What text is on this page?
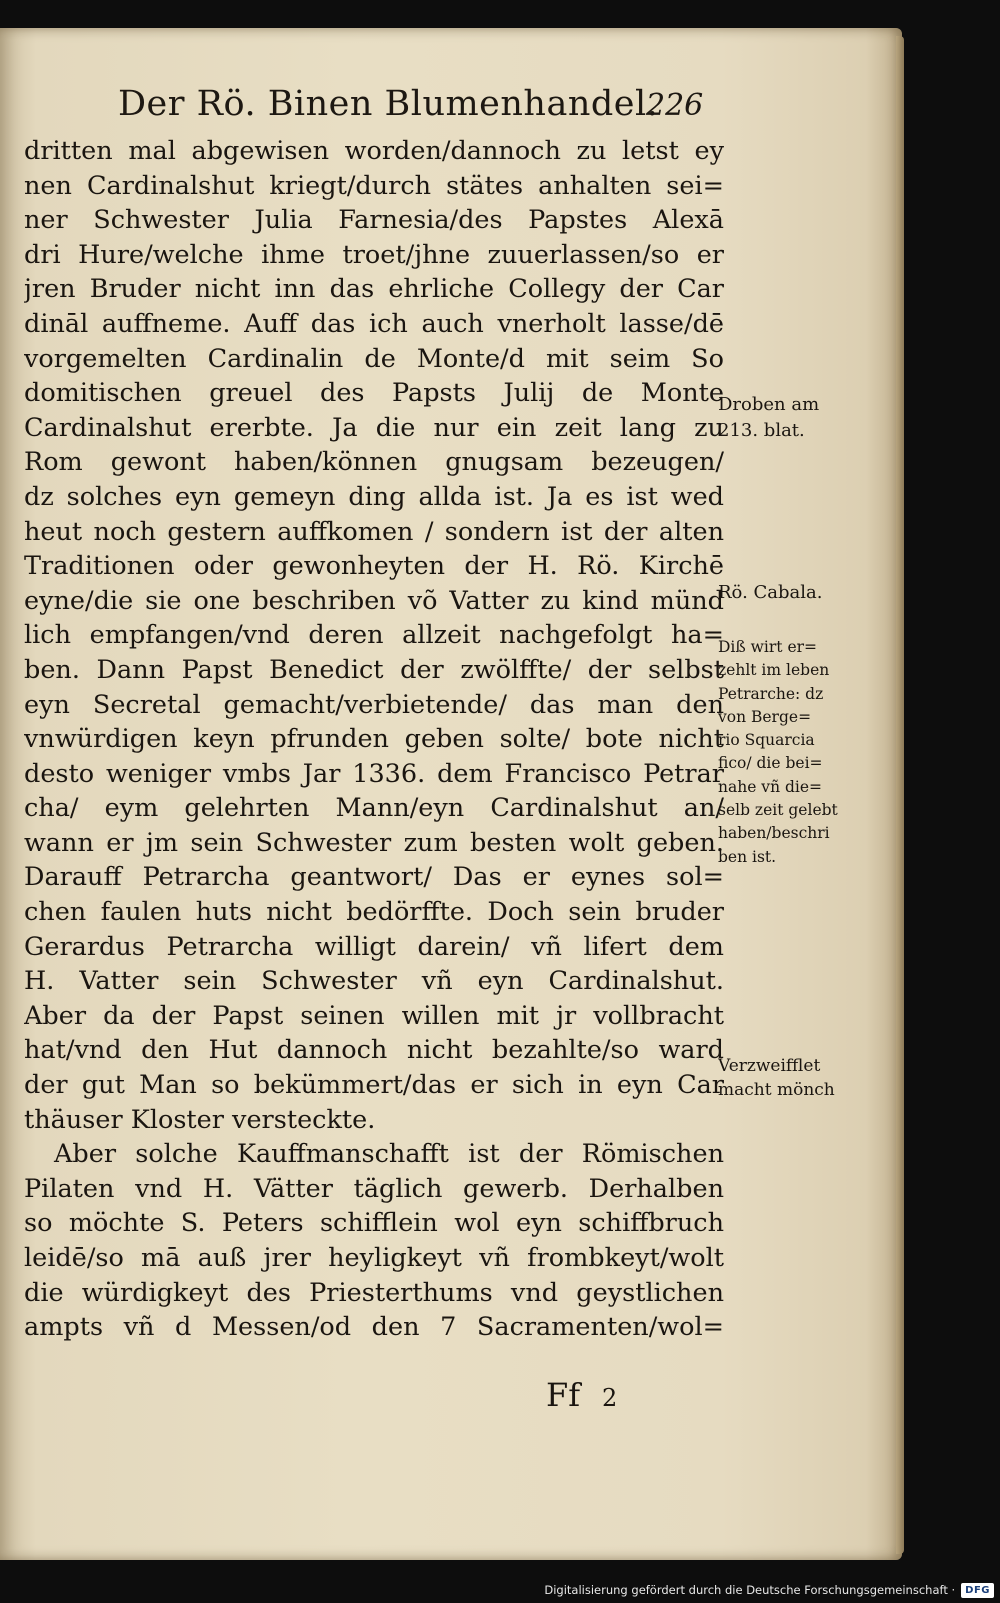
Der Rö. Binen Blumenhandel.
226
dritten mal abgewisen worden/dannoch zu letst ey
nen Cardinalshut kriegt/durch stätes anhalten sei=
ner Schwester Julia Farnesia/des Papstes Alexā
dri Hure/welche ihme troet/jhne zuuerlassen/so er
jren Bruder nicht inn das ehrliche Collegy der Car
dināl auffneme. Auff das ich auch vnerholt lasse/dē
vorgemelten Cardinalin de Monte/d mit seim So
domitischen greuel des Papsts Julij de Monte
Cardinalshut ererbte. Ja die nur ein zeit lang zu
Rom gewont haben/können gnugsam bezeugen/
dz solches eyn gemeyn ding allda ist. Ja es ist wed
heut noch gestern auffkomen / sondern ist der alten
Traditionen oder gewonheyten der H. Rö. Kirchē
eyne/die sie one beschriben võ Vatter zu kind münd
lich empfangen/vnd deren allzeit nachgefolgt ha=
ben. Dann Papst Benedict der zwölffte/ der selbst
eyn Secretal gemacht/verbietende/ das man den
vnwürdigen keyn pfrunden geben solte/ bote nicht
desto weniger vmbs Jar 1336. dem Francisco Petrar
cha/ eym gelehrten Mann/eyn Cardinalshut an/
wann er jm sein Schwester zum besten wolt geben.
Darauff Petrarcha geantwort/ Das er eynes sol=
chen faulen huts nicht bedörffte. Doch sein bruder
Gerardus Petrarcha willigt darein/ vñ lifert dem
H. Vatter sein Schwester vñ eyn Cardinalshut.
Aber da der Papst seinen willen mit jr vollbracht
hat/vnd den Hut dannoch nicht bezahlte/so ward
der gut Man so bekümmert/das er sich in eyn Car
thäuser Kloster versteckte.
Aber solche Kauffmanschafft ist der Römischen
Pilaten vnd H. Vätter täglich gewerb. Derhalben
so möchte S. Peters schifflein wol eyn schiffbruch
leidē/so mā auß jrer heyligkeyt vñ frombkeyt/wolt
die würdigkeyt des Priesterthums vnd geystlichen
ampts vñ d Messen/od den 7 Sacramenten/wol=
Droben am
213. blat.
Rö. Cabala.
Diß wirt er=
zehlt im leben
Petrarche: dz
von Berge=
rio Squarcia
fico/ die bei=
nahe vñ die=
selb zeit gelebt
haben/beschri
ben ist.
Verzweifflet
macht mönch
Ff 2
Digitalisierung gefördert durch die Deutsche Forschungsgemeinschaft ·	DFG
